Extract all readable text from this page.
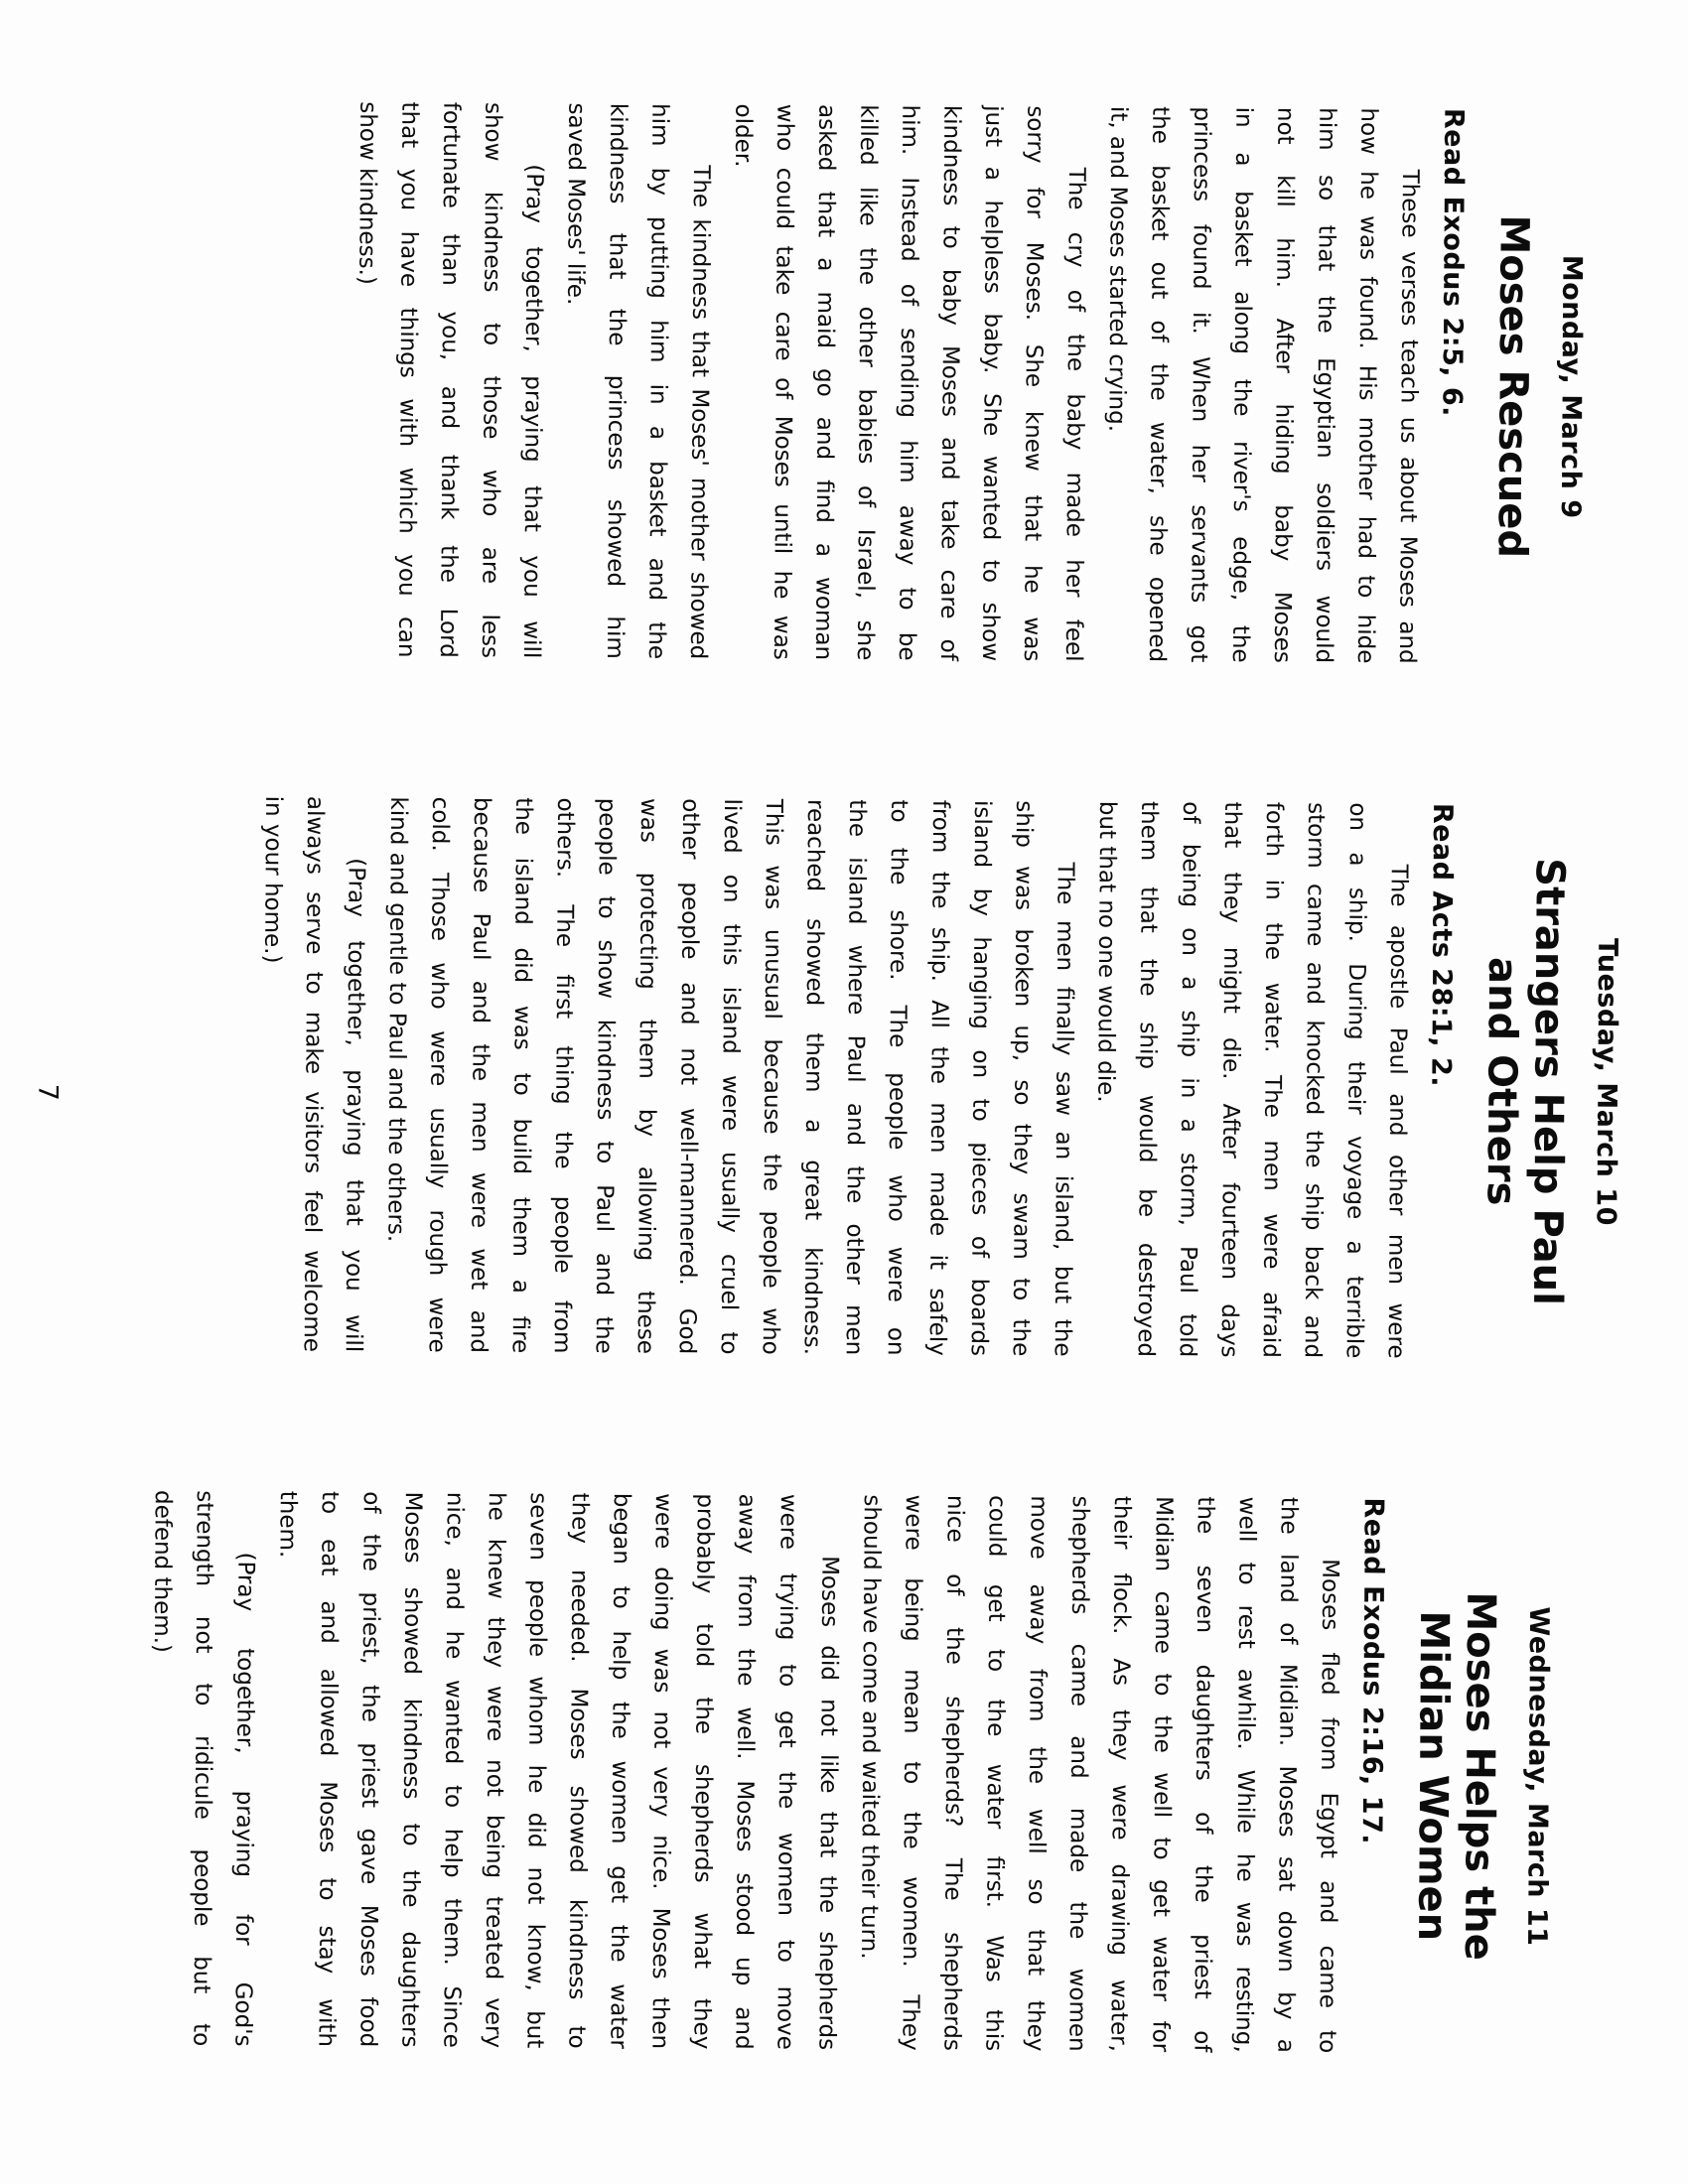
Monday, March 9
Moses Rescued
Read Exodus 2:5, 6.
These verses teach us about Moses and
how he was found. His mother had to hide
him so that the Egyptian soldiers would
not kill him. After hiding baby Moses
in a basket along the river's edge, the
princess found it. When her servants got
the basket out of the water, she opened
it, and Moses started crying.
The cry of the baby made her feel
sorry for Moses. She knew that he was
just a helpless baby. She wanted to show
kindness to baby Moses and take care of
him. Instead of sending him away to be
killed like the other babies of Israel, she
asked that a maid go and find a woman
who could take care of Moses until he was
older.
The kindness that Moses' mother showed
him by putting him in a basket and the
kindness that the princess showed him
saved Moses' life.
(Pray together, praying that you will
show kindness to those who are less
fortunate than you, and thank the Lord
that you have things with which you can
show kindness.)
Tuesday, March 10
Strangers Help Paul
and Others
Read Acts 28:1, 2.
The apostle Paul and other men were
on a ship. During their voyage a terrible
storm came and knocked the ship back and
forth in the water. The men were afraid
that they might die. After fourteen days
of being on a ship in a storm, Paul told
them that the ship would be destroyed
but that no one would die.
The men finally saw an island, but the
ship was broken up, so they swam to the
island by hanging on to pieces of boards
from the ship. All the men made it safely
to the shore. The people who were on
the island where Paul and the other men
reached showed them a great kindness.
This was unusual because the people who
lived on this island were usually cruel to
other people and not well-mannered. God
was protecting them by allowing these
people to show kindness to Paul and the
others. The first thing the people from
the island did was to build them a fire
because Paul and the men were wet and
cold. Those who were usually rough were
kind and gentle to Paul and the others.
(Pray together, praying that you will
always serve to make visitors feel welcome
in your home.)
Wednesday, March 11
Moses Helps the
Midian Women
Read Exodus 2:16, 17.
Moses fled from Egypt and came to
the land of Midian. Moses sat down by a
well to rest awhile. While he was resting,
the seven daughters of the priest of
Midian came to the well to get water for
their flock. As they were drawing water,
shepherds came and made the women
move away from the well so that they
could get to the water first. Was this
nice of the shepherds? The shepherds
were being mean to the women. They
should have come and waited their turn.
Moses did not like that the shepherds
were trying to get the women to move
away from the well. Moses stood up and
probably told the shepherds what they
were doing was not very nice. Moses then
began to help the women get the water
they needed. Moses showed kindness to
seven people whom he did not know, but
he knew they were not being treated very
nice, and he wanted to help them. Since
Moses showed kindness to the daughters
of the priest, the priest gave Moses food
to eat and allowed Moses to stay with
them.
(Pray together, praying for God's
strength not to ridicule people but to
defend them.)
7
